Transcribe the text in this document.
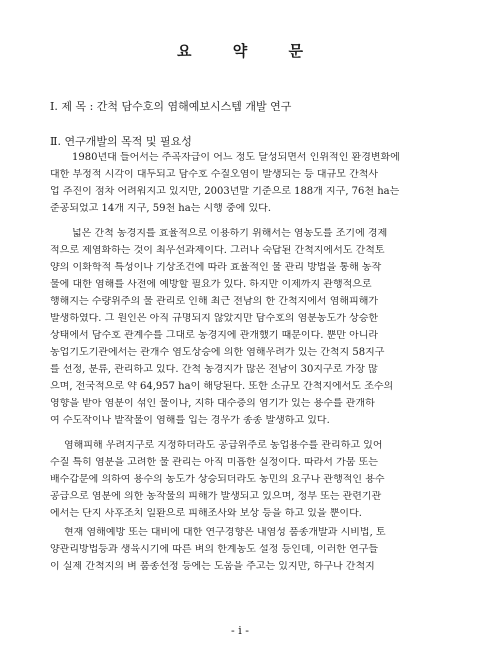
요 약 문
Ⅰ. 제 목 : 간척 담수호의 염해예보시스템 개발 연구
Ⅱ. 연구개발의 목적 및 필요성
1980년대 들어서는 주곡자급이 어느 정도 달성되면서 인위적인 환경변화에
대한 부정적 시각이 대두되고 담수호 수질오염이 발생되는 등 대규모 간척사
업 추진이 점차 어려워지고 있지만, 2003년말 기준으로 188개 지구, 76천 ha는
준공되었고 14개 지구, 59천 ha는 시행 중에 있다.
넓은 간척 농경지를 효율적으로 이용하기 위해서는 염농도를 조기에 경제
적으로 제염화하는 것이 최우선과제이다. 그러나 숙답된 간척지에서도 간척토
양의 이화학적 특성이나 기상조건에 따라 효율적인 물 관리 방법을 통해 농작
물에 대한 염해를 사전에 예방할 필요가 있다. 하지만 이제까지 관행적으로
행해지는 수량위주의 물 관리로 인해 최근 전남의 한 간척지에서 염해피해가
발생하였다. 그 원인은 아직 규명되지 않았지만 담수호의 염분농도가 상승한
상태에서 담수호 관계수를 그대로 농경지에 관개했기 때문이다. 뿐만 아니라
농업기도기관에서는 관개수 염도상승에 의한 염해우려가 있는 간척지 58지구
를 선정, 분류, 관리하고 있다. 간척 농경지가 많은 전남이 30지구로 가장 많
으며, 전국적으로 약 64,957 ha이 해당된다. 또한 소규모 간척지에서도 조수의
영향을 받아 염분이 섞인 물이나, 지하 대수층의 염기가 있는 용수를 관개하
여 수도작이나 밭작물이 염해를 입는 경우가 종종 발생하고 있다.
염해피해 우려지구로 지정하더라도 공급위주로 농업용수를 관리하고 있어
수질 특히 염분을 고려한 물 관리는 아직 미흡한 실정이다. 따라서 가뭄 또는
배수갑문에 의하여 용수의 농도가 상승되더라도 농민의 요구나 관행적인 용수
공급으로 염분에 의한 농작물의 피해가 발생되고 있으며, 정부 또는 관련기관
에서는 단지 사후조치 일환으로 피해조사와 보상 등을 하고 있을 뿐이다.
현재 염해예방 또는 대비에 대한 연구경향은 내염성 품종개발과 시비법, 토
양관리방법등과 생육시기에 따른 벼의 한계농도 설정 등인데, 이러한 연구들
이 실제 간척지의 벼 품종선정 등에는 도움을 주고는 있지만, 하구나 간척지
- i -
